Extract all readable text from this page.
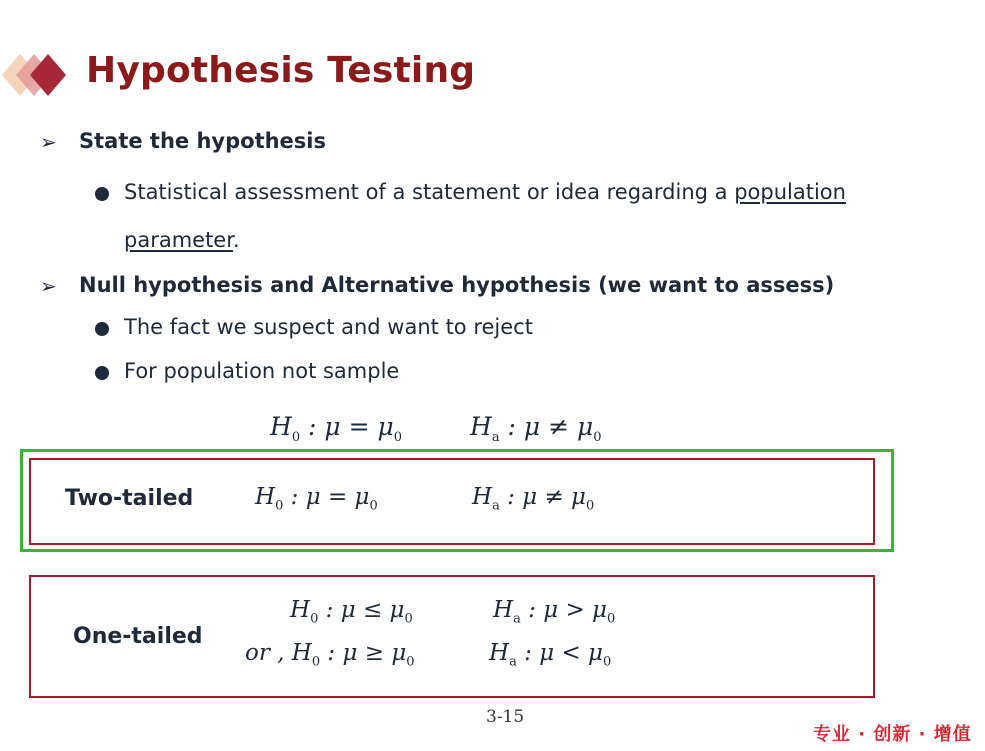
Hypothesis Testing
➢ State the hypothesis
Statistical assessment of a statement or idea regarding a population
parameter.
➢ Null hypothesis and Alternative hypothesis (we want to assess)
The fact we suspect and want to reject
For population not sample
$H_0$ : $\mu = \mu_0$	$H_a$ : $\mu \ne \mu_0$
Two-tailed	$H_0$ : $\mu = \mu_0$	$H_a$ : $\mu \ne \mu_0$
One-tailed
$H_0$ : $\mu \le \mu_0$	$H_a$ : $\mu > \mu_0$
or , $H_0$ : $\mu \ge \mu_0$	$H_a$ : $\mu < \mu_0$
3-15
专业 · 创新 · 增值
